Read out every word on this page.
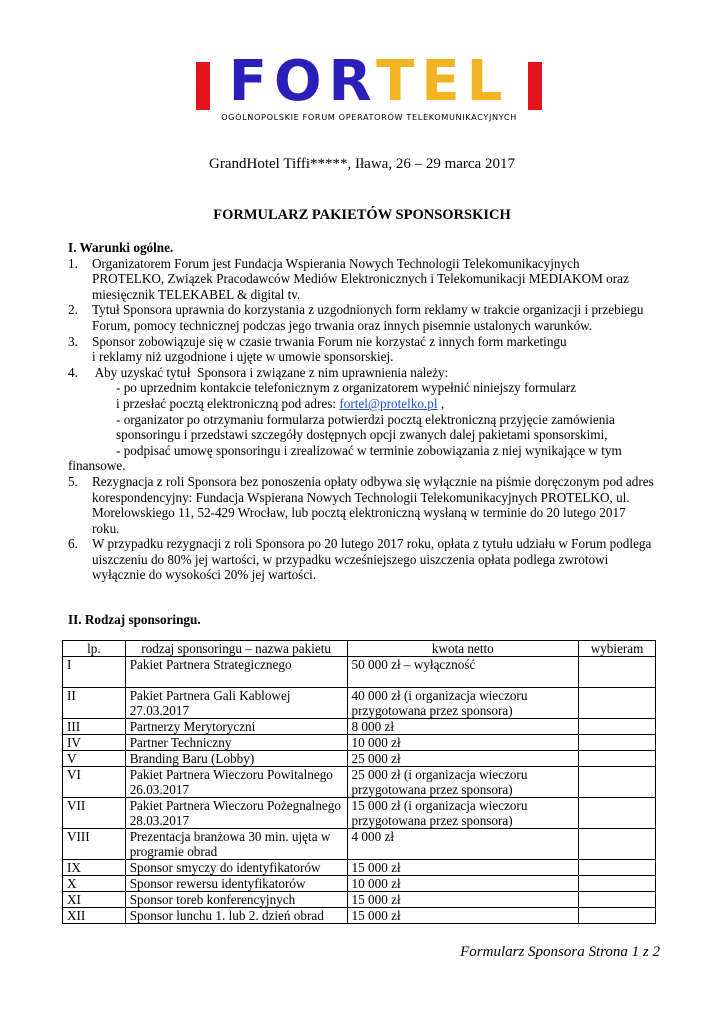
FORTEL
OGÓLNOPOLSKIE FORUM OPERATORÓW TELEKOMUNIKACYJNYCH
GrandHotel Tiffi*****, Iława, 26 – 29 marca 2017
FORMULARZ PAKIETÓW SPONSORSKICH
I. Warunki ogólne.
1. Organizatorem Forum jest Fundacja Wspierania Nowych Technologii Telekomunikacyjnych
PROTELKO, Związek Pracodawców Mediów Elektronicznych i Telekomunikacji MEDIAKOM oraz
miesięcznik TELEKABEL & digital tv.
2. Tytuł Sponsora uprawnia do korzystania z uzgodnionych form reklamy w trakcie organizacji i przebiegu
Forum, pomocy technicznej podczas jego trwania oraz innych pisemnie ustalonych warunków.
3. Sponsor zobowiązuje się w czasie trwania Forum nie korzystać z innych form marketingu
i reklamy niż uzgodnione i ujęte w umowie sponsorskiej.
4. Aby uzyskać tytuł  Sponsora i związane z nim uprawnienia należy:
- po uprzednim kontakcie telefonicznym z organizatorem wypełnić niniejszy formularz
i przesłać pocztą elektroniczną pod adres: fortel@protelko.pl ,
- organizator po otrzymaniu formularza potwierdzi pocztą elektroniczną przyjęcie zamówienia
sponsoringu i przedstawi szczegóły dostępnych opcji zwanych dalej pakietami sponsorskimi,
- podpisać umowę sponsoringu i zrealizować w terminie zobowiązania z niej wynikające w tym
finansowe.
5. Rezygnacja z roli Sponsora bez ponoszenia opłaty odbywa się wyłącznie na piśmie doręczonym pod adres
korespondencyjny: Fundacja Wspierana Nowych Technologii Telekomunikacyjnych PROTELKO, ul.
Morelowskiego 11, 52-429 Wrocław, lub pocztą elektroniczną wysłaną w terminie do 20 lutego 2017
roku.
6. W przypadku rezygnacji z roli Sponsora po 20 lutego 2017 roku, opłata z tytułu udziału w Forum podlega
uiszczeniu do 80% jej wartości, w przypadku wcześniejszego uiszczenia opłata podlega zwrotowi
wyłącznie do wysokości 20% jej wartości.
II. Rodzaj sponsoringu.
lp.	rodzaj sponsoringu – nazwa pakietu	kwota netto	wybieram
I	Pakiet Partnera Strategicznego	50 000 zł – wyłączność	
II	Pakiet Partnera Gali Kablowej 27.03.2017	40 000 zł (i organizacja wieczoru przygotowana przez sponsora)	
III	Partnerzy Merytoryczni	8 000 zł	
IV	Partner Techniczny	10 000 zł	
V	Branding Baru (Lobby)	25 000 zł	
VI	Pakiet Partnera Wieczoru Powitalnego 26.03.2017	25 000 zł (i organizacja wieczoru przygotowana przez sponsora)	
VII	Pakiet Partnera Wieczoru Pożegnalnego 28.03.2017	15 000 zł (i organizacja wieczoru przygotowana przez sponsora)	
VIII	Prezentacja branżowa 30 min. ujęta w programie obrad	4 000 zł	
IX	Sponsor smyczy do identyfikatorów	15 000 zł	
X	Sponsor rewersu identyfikatorów	10 000 zł	
XI	Sponsor toreb konferencyjnych	15 000 zł	
XII	Sponsor lunchu 1. lub 2. dzień obrad	15 000 zł	
Formularz Sponsora Strona 1 z 2
